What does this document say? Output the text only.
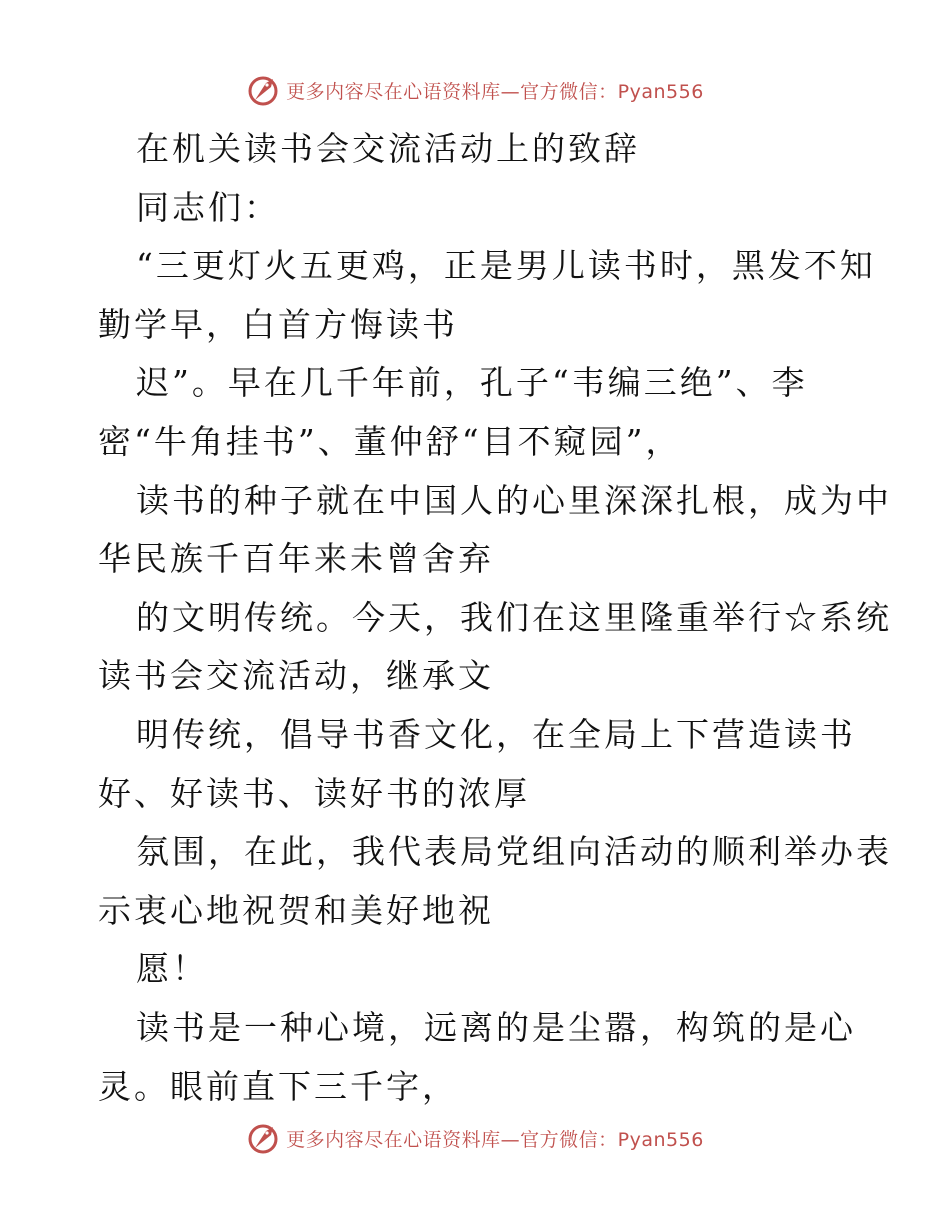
更多内容尽在心语资料库—官方微信：Pyan556
在机关读书会交流活动上的致辞
同志们：
“三更灯火五更鸡，正是男儿读书时，黑发不知
勤学早，白首方悔读书
迟”。早在几千年前，孔子“韦编三绝”、李
密“牛角挂书”、董仲舒“目不窥园”，
读书的种子就在中国人的心里深深扎根，成为中
华民族千百年来未曾舍弃
的文明传统。今天，我们在这里隆重举行☆系统
读书会交流活动，继承文
明传统，倡导书香文化，在全局上下营造读书
好、好读书、读好书的浓厚
氛围，在此，我代表局党组向活动的顺利举办表
示衷心地祝贺和美好地祝
愿！
读书是一种心境，远离的是尘嚣，构筑的是心
灵。眼前直下三千字，
更多内容尽在心语资料库—官方微信：Pyan556
